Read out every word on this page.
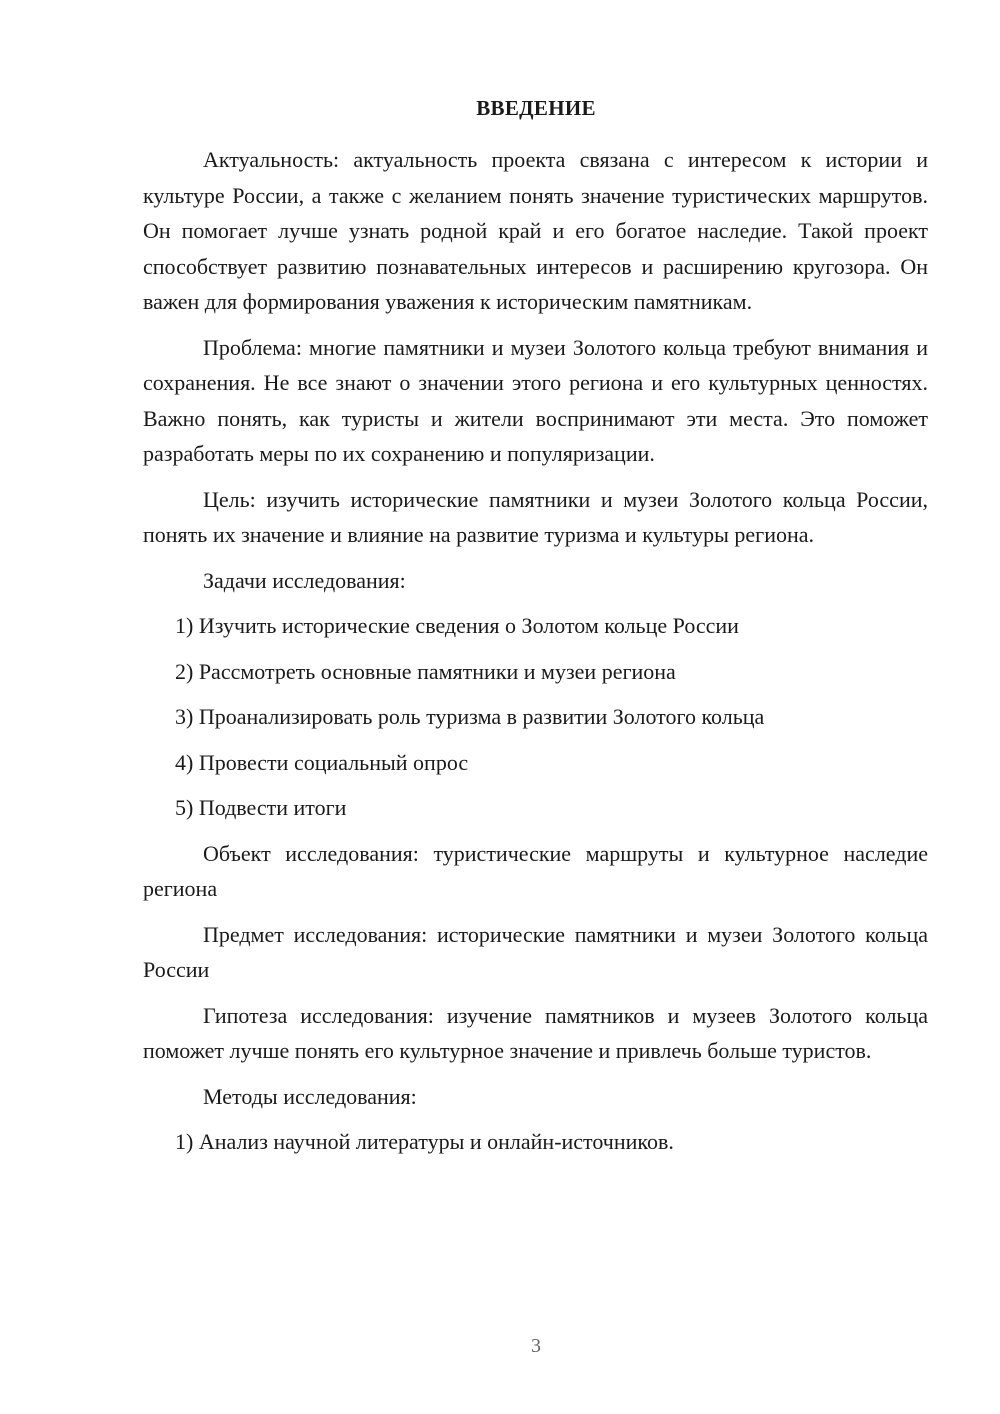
ВВЕДЕНИЕ

Актуальность: актуальность проекта связана с интересом к истории и культуре России, а также с желанием понять значение туристических маршрутов. Он помогает лучше узнать родной край и его богатое наследие. Такой проект способствует развитию познавательных интересов и расширению кругозора. Он важен для формирования уважения к историческим памятникам.

Проблема: многие памятники и музеи Золотого кольца требуют внимания и сохранения. Не все знают о значении этого региона и его культурных ценностях. Важно понять, как туристы и жители воспринимают эти места. Это поможет разработать меры по их сохранению и популяризации.

Цель: изучить исторические памятники и музеи Золотого кольца России, понять их значение и влияние на развитие туризма и культуры региона.

Задачи исследования:

1) Изучить исторические сведения о Золотом кольце России

2) Рассмотреть основные памятники и музеи региона

3) Проанализировать роль туризма в развитии Золотого кольца

4) Провести социальный опрос

5) Подвести итоги

Объект исследования: туристические маршруты и культурное наследие региона

Предмет исследования: исторические памятники и музеи Золотого кольца России

Гипотеза исследования: изучение памятников и музеев Золотого кольца поможет лучше понять его культурное значение и привлечь больше туристов.

Методы исследования:

1) Анализ научной литературы и онлайн-источников.

3
